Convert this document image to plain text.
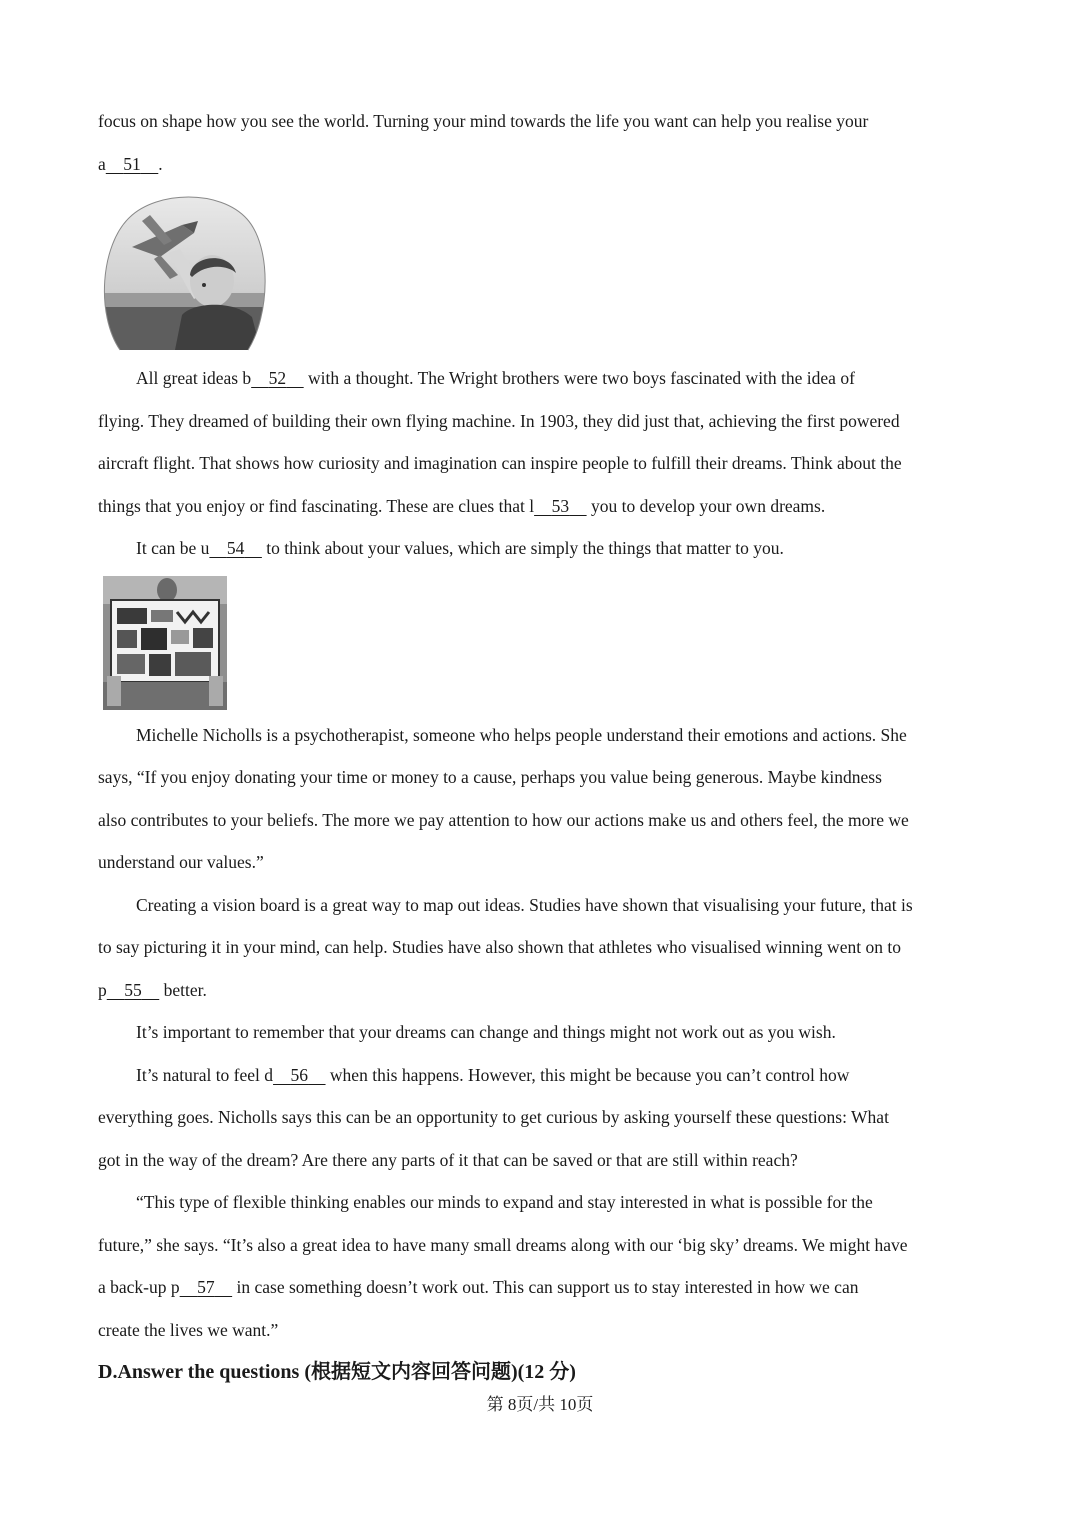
focus on shape how you see the world. Turning your mind towards the life you want can help you realise your

a 51 .

All great ideas b 52     with a thought. The Wright brothers were two boys fascinated with the idea of

flying. They dreamed of building their own flying machine. In 1903, they did just that, achieving the first powered

aircraft flight. That shows how curiosity and imagination can inspire people to fulfill their dreams. Think about the

things that you enjoy or find fascinating. These are clues that l 53     you to develop your own dreams.

It can be u 54     to think about your values, which are simply the things that matter to you.

Michelle Nicholls is a psychotherapist, someone who helps people understand their emotions and actions. She

says, “If you enjoy donating your time or money to a cause, perhaps you value being generous. Maybe kindness

also contributes to your beliefs. The more we pay attention to how our actions make us and others feel, the more we

understand our values.”

Creating a vision board is a great way to map out ideas. Studies have shown that visualising your future, that is

to say picturing it in your mind, can help. Studies have also shown that athletes who visualised winning went on to

p 55     better.

It’s important to remember that your dreams can change and things might not work out as you wish.

It’s natural to feel d 56     when this happens. However, this might be because you can’t control how

everything goes. Nicholls says this can be an opportunity to get curious by asking yourself these questions: What

got in the way of the dream? Are there any parts of it that can be saved or that are still within reach?

“This type of flexible thinking enables our minds to expand and stay interested in what is possible for the

future,” she says. “It’s also a great idea to have many small dreams along with our ‘big sky’ dreams. We might have

a back-up p 57     in case something doesn’t work out. This can support us to stay interested in how we can

create the lives we want.”

D.Answer the questions (根据短文内容回答问题)(12 分)

第 8页/共 10页
